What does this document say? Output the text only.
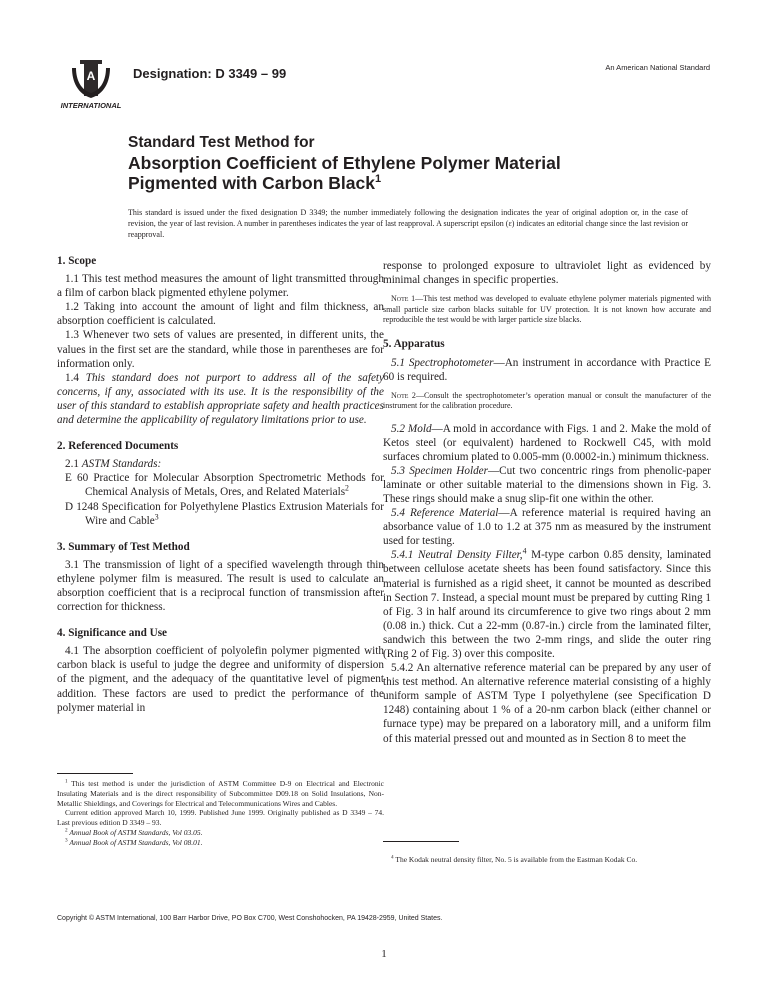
A
INTERNATIONAL
Designation: D 3349 – 99	An American National Standard
Standard Test Method for
Absorption Coefficient of Ethylene Polymer Material
Pigmented with Carbon Black$^1$
This standard is issued under the fixed designation D 3349; the number immediately following the designation indicates the year of original adoption or, in the case of revision, the year of last revision. A number in parentheses indicates the year of last reapproval. A superscript epsilon (ε) indicates an editorial change since the last revision or reapproval.
1. Scope

1.1 This test method measures the amount of light transmitted through a film of carbon black pigmented ethylene polymer.

1.2 Taking into account the amount of light and film thickness, an absorption coefficient is calculated.

1.3 Whenever two sets of values are presented, in different units, the values in the first set are the standard, while those in parentheses are for information only.

1.4 This standard does not purport to address all of the safety concerns, if any, associated with its use. It is the responsibility of the user of this standard to establish appropriate safety and health practices and determine the applicability of regulatory limitations prior to use.

2. Referenced Documents

2.1 ASTM Standards:

E 60 Practice for Molecular Absorption Spectrometric Methods for Chemical Analysis of Metals, Ores, and Related Materials$^2$

D 1248 Specification for Polyethylene Plastics Extrusion Materials for Wire and Cable$^3$

3. Summary of Test Method

3.1 The transmission of light of a specified wavelength through thin ethylene polymer film is measured. The result is used to calculate an absorption coefficient that is a reciprocal function of transmission after correction for thickness.

4. Significance and Use

4.1 The absorption coefficient of polyolefin polymer pigmented with carbon black is useful to judge the degree and uniformity of dispersion of the pigment, and the adequacy of the quantitative level of pigment addition. These factors are used to predict the performance of the polymer material in

response to prolonged exposure to ultraviolet light as evidenced by minimal changes in specific properties.

Note 1—This test method was developed to evaluate ethylene polymer materials pigmented with small particle size carbon blacks suitable for UV protection. It is not known how accurate and reproducible the test would be with larger particle size blacks.

5. Apparatus

5.1 Spectrophotometer—An instrument in accordance with Practice E 60 is required.

Note 2—Consult the spectrophotometer’s operation manual or consult the manufacturer of the instrument for the calibration procedure.

5.2 Mold—A mold in accordance with Figs. 1 and 2. Make the mold of Ketos steel (or equivalent) hardened to Rockwell C45, with mold surfaces chromium plated to 0.005-mm (0.0002-in.) minimum thickness.

5.3 Specimen Holder—Cut two concentric rings from phenolic-paper laminate or other suitable material to the dimensions shown in Fig. 3. These rings should make a snug slip-fit one within the other.

5.4 Reference Material—A reference material is required having an absorbance value of 1.0 to 1.2 at 375 nm as measured by the instrument used for testing.

5.4.1 Neutral Density Filter,$^4$ M-type carbon 0.85 density, laminated between cellulose acetate sheets has been found satisfactory. Since this material is furnished as a rigid sheet, it cannot be mounted as described in Section 7. Instead, a special mount must be prepared by cutting Ring 1 of Fig. 3 in half around its circumference to give two rings about 2 mm (0.08 in.) thick. Cut a 22-mm (0.87-in.) circle from the laminated filter, sandwich this between the two 2-mm rings, and slide the outer ring (Ring 2 of Fig. 3) over this composite.

5.4.2 An alternative reference material can be prepared by any user of this test method. An alternative reference material consisting of a highly uniform sample of ASTM Type I polyethylene (see Specification D 1248) containing about 1 % of a 20-nm carbon black (either channel or furnace type) may be prepared on a laboratory mill, and a uniform film of this material pressed out and mounted as in Section 8 to meet the

$^1$ This test method is under the jurisdiction of ASTM Committee D-9 on Electrical and Electronic Insulating Materials and is the direct responsibility of Subcommittee D09.18 on Solid Insulations, Non-Metallic Shieldings, and Coverings for Electrical and Telecommunications Wires and Cables.

Current edition approved March 10, 1999. Published June 1999. Originally published as D 3349 – 74. Last previous edition D 3349 – 93.

$^2$ Annual Book of ASTM Standards, Vol 03.05.

$^3$ Annual Book of ASTM Standards, Vol 08.01.

$^4$ The Kodak neutral density filter, No. 5 is available from the Eastman Kodak Co.

Copyright © ASTM International, 100 Barr Harbor Drive, PO Box C700, West Conshohocken, PA 19428-2959, United States.
1
